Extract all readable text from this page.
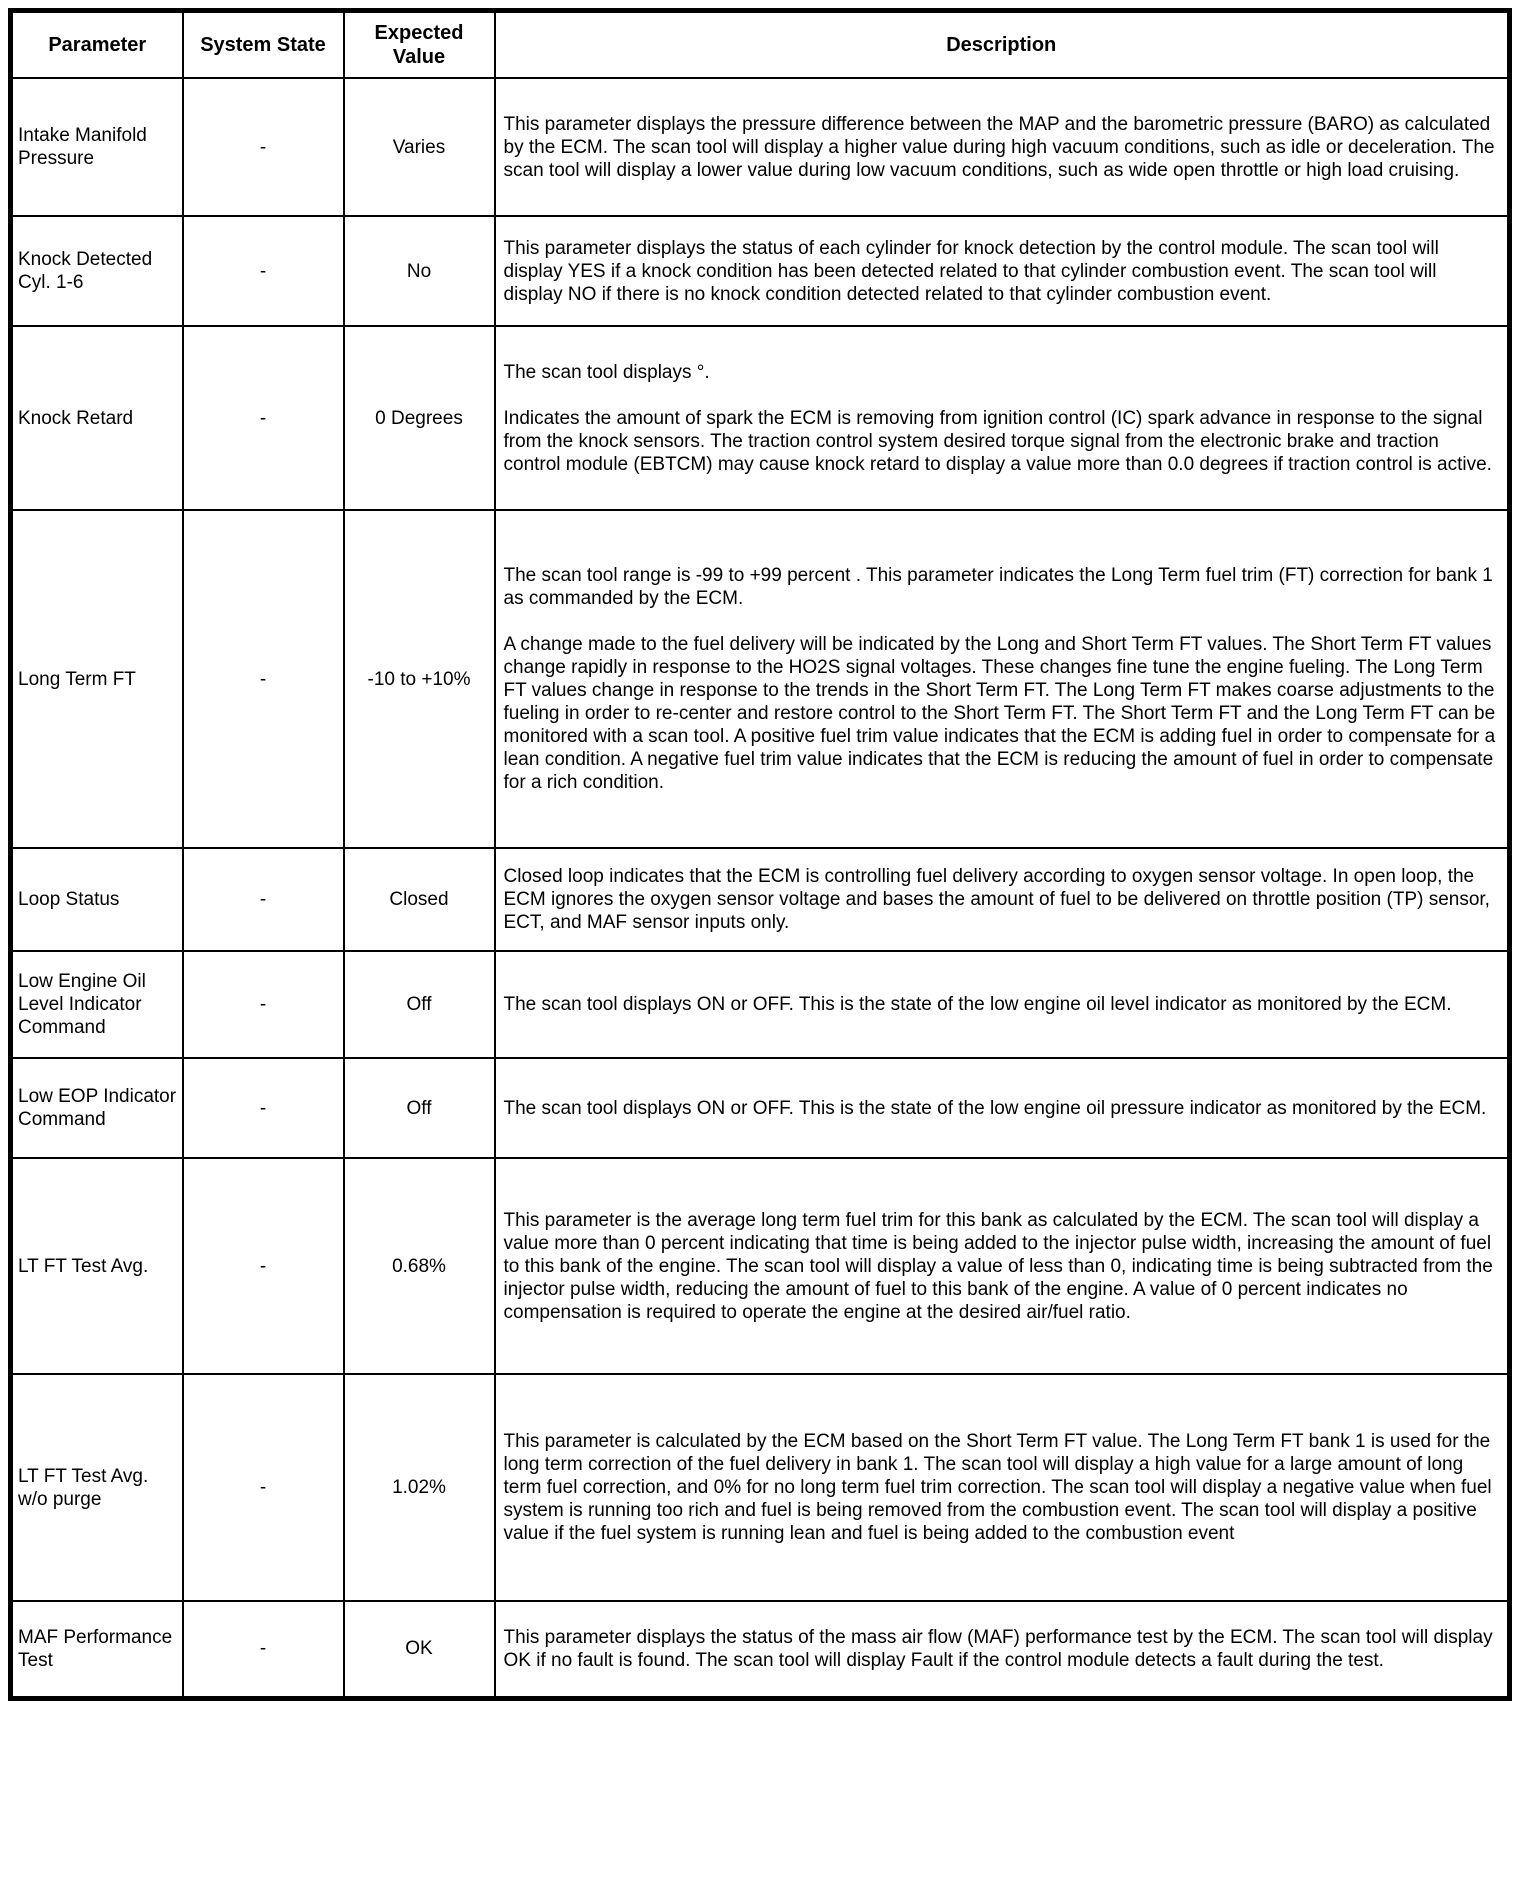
Parameter	System State	Expected Value	Description
Intake Manifold Pressure	-	Varies	This parameter displays the pressure difference between the MAP and the barometric pressure (BARO) as calculated by the ECM. The scan tool will display a higher value during high vacuum conditions, such as idle or deceleration. The scan tool will display a lower value during low vacuum conditions, such as wide open throttle or high load cruising.

Knock Detected Cyl. 1-6	-	No	This parameter displays the status of each cylinder for knock detection by the control module. The scan tool will display YES if a knock condition has been detected related to that cylinder combustion event. The scan tool will display NO if there is no knock condition detected related to that cylinder combustion event.

Knock Retard	-	0 Degrees	The scan tool displays °.
Indicates the amount of spark the ECM is removing from ignition control (IC) spark advance in response to the signal from the knock sensors. The traction control system desired torque signal from the electronic brake and traction control module (EBTCM) may cause knock retard to display a value more than 0.0 degrees if traction control is active.

Long Term FT	-	-10 to +10%	The scan tool range is -99 to +99 percent . This parameter indicates the Long Term fuel trim (FT) correction for bank 1 as commanded by the ECM.
A change made to the fuel delivery will be indicated by the Long and Short Term FT values. The Short Term FT values change rapidly in response to the HO2S signal voltages. These changes fine tune the engine fueling. The Long Term FT values change in response to the trends in the Short Term FT. The Long Term FT makes coarse adjustments to the fueling in order to re-center and restore control to the Short Term FT. The Short Term FT and the Long Term FT can be monitored with a scan tool. A positive fuel trim value indicates that the ECM is adding fuel in order to compensate for a lean condition. A negative fuel trim value indicates that the ECM is reducing the amount of fuel in order to compensate for a rich condition.

Loop Status	-	Closed	Closed loop indicates that the ECM is controlling fuel delivery according to oxygen sensor voltage. In open loop, the ECM ignores the oxygen sensor voltage and bases the amount of fuel to be delivered on throttle position (TP) sensor, ECT, and MAF sensor inputs only.

Low Engine Oil Level Indicator Command	-	Off	The scan tool displays ON or OFF. This is the state of the low engine oil level indicator as monitored by the ECM.

Low EOP Indicator Command	-	Off	The scan tool displays ON or OFF. This is the state of the low engine oil pressure indicator as monitored by the ECM.

LT FT Test Avg.	-	0.68%	This parameter is the average long term fuel trim for this bank as calculated by the ECM. The scan tool will display a value more than 0 percent indicating that time is being added to the injector pulse width, increasing the amount of fuel to this bank of the engine. The scan tool will display a value of less than 0, indicating time is being subtracted from the injector pulse width, reducing the amount of fuel to this bank of the engine. A value of 0 percent indicates no compensation is required to operate the engine at the desired air/fuel ratio.

LT FT Test Avg. w/o purge	-	1.02%	This parameter is calculated by the ECM based on the Short Term FT value. The Long Term FT bank 1 is used for the long term correction of the fuel delivery in bank 1. The scan tool will display a high value for a large amount of long term fuel correction, and 0% for no long term fuel trim correction. The scan tool will display a negative value when fuel system is running too rich and fuel is being removed from the combustion event. The scan tool will display a positive value if the fuel system is running lean and fuel is being added to the combustion event

MAF Performance Test	-	OK	This parameter displays the status of the mass air flow (MAF) performance test by the ECM. The scan tool will display OK if no fault is found. The scan tool will display Fault if the control module detects a fault during the test.
